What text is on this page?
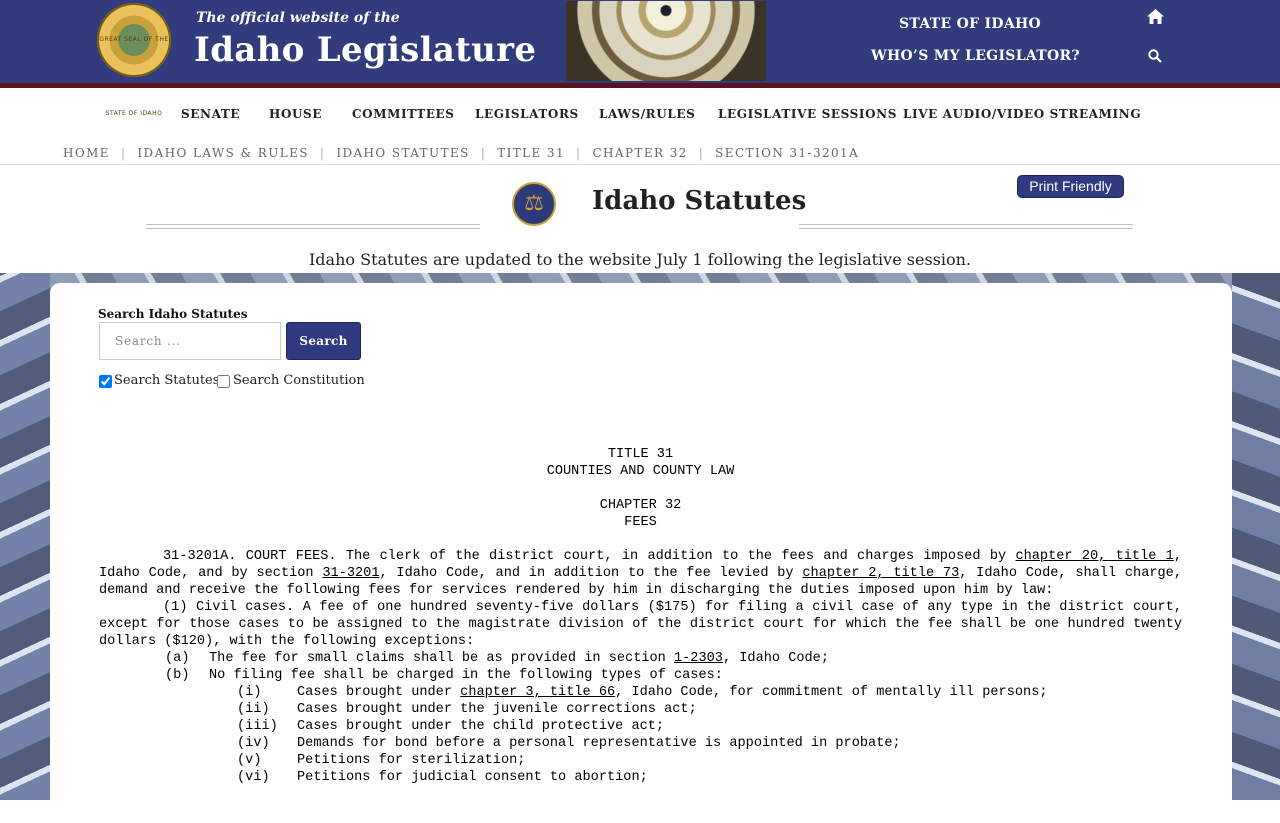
GREAT SEAL OF THE STATE OF IDAHO
The official website of the
Idaho Legislature
STATE OF IDAHO
WHO’S MY LEGISLATOR?
SENATE HOUSE COMMITTEES LEGISLATORS LAWS/RULES LEGISLATIVE SESSIONS LIVE AUDIO/VIDEO STREAMING
HOME | IDAHO LAWS & RULES | IDAHO STATUTES | TITLE 31 | CHAPTER 32 | SECTION 31-3201A
⚖	Idaho Statutes	Print Friendly
Idaho Statutes are updated to the website July 1 following the legislative session.
Search Idaho Statutes
Search ...
Search
Search Statutes Search Constitution
TITLE 31
COUNTIES AND COUNTY LAW
CHAPTER 32
FEES
31-3201A. COURT FEES. The clerk of the district court, in addition to the fees and charges imposed by chapter 20, title 1, Idaho Code, and by section 31-3201, Idaho Code, and in addition to the fee levied by chapter 2, title 73, Idaho Code, shall charge, demand and receive the following fees for services rendered by him in discharging the duties imposed upon him by law:
(1) Civil cases. A fee of one hundred seventy-five dollars ($175) for filing a civil case of any type in the district court, except for those cases to be assigned to the magistrate division of the district court for which the fee shall be one hundred twenty dollars ($120), with the following exceptions:
(a)	The fee for small claims shall be as provided in section 1-2303, Idaho Code;
(b)	No filing fee shall be charged in the following types of cases:
(i)	Cases brought under chapter 3, title 66, Idaho Code, for commitment of mentally ill persons;
(ii)	Cases brought under the juvenile corrections act;
(iii)	Cases brought under the child protective act;
(iv)	Demands for bond before a personal representative is appointed in probate;
(v)	Petitions for sterilization;
(vi)	Petitions for judicial consent to abortion;
